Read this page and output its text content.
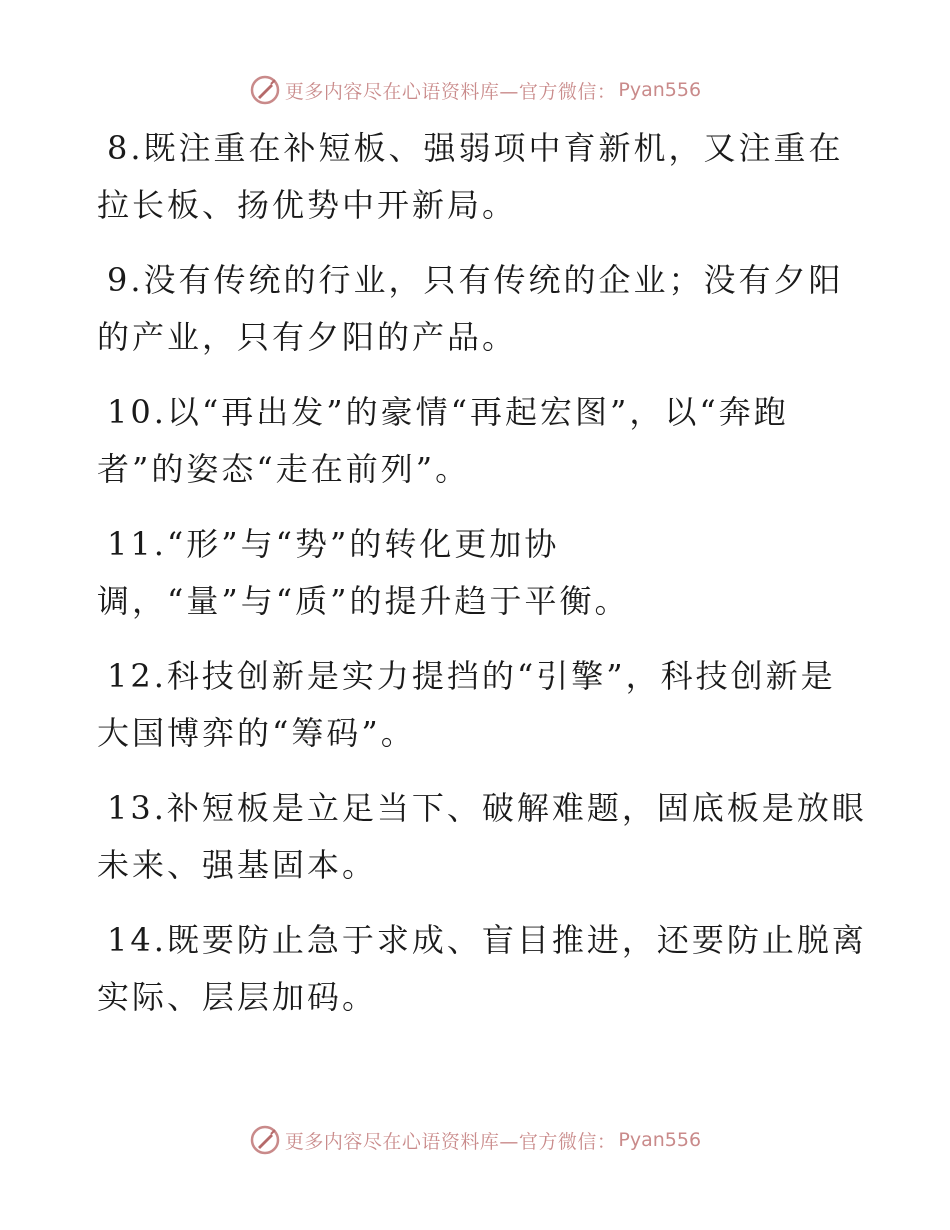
更多内容尽在心语资料库—官方微信： Pyan556
8.既注重在补短板、强弱项中育新机，又注重在
拉长板、扬优势中开新局。
9.没有传统的行业，只有传统的企业；没有夕阳
的产业，只有夕阳的产品。
10.以“再出发”的豪情“再起宏图”，以“奔跑
者”的姿态“走在前列”。
11.“形”与“势”的转化更加协
调，“量”与“质”的提升趋于平衡。
12.科技创新是实力提挡的“引擎”，科技创新是
大国博弈的“筹码”。
13.补短板是立足当下、破解难题，固底板是放眼
未来、强基固本。
14.既要防止急于求成、盲目推进，还要防止脱离
实际、层层加码。
更多内容尽在心语资料库—官方微信： Pyan556
